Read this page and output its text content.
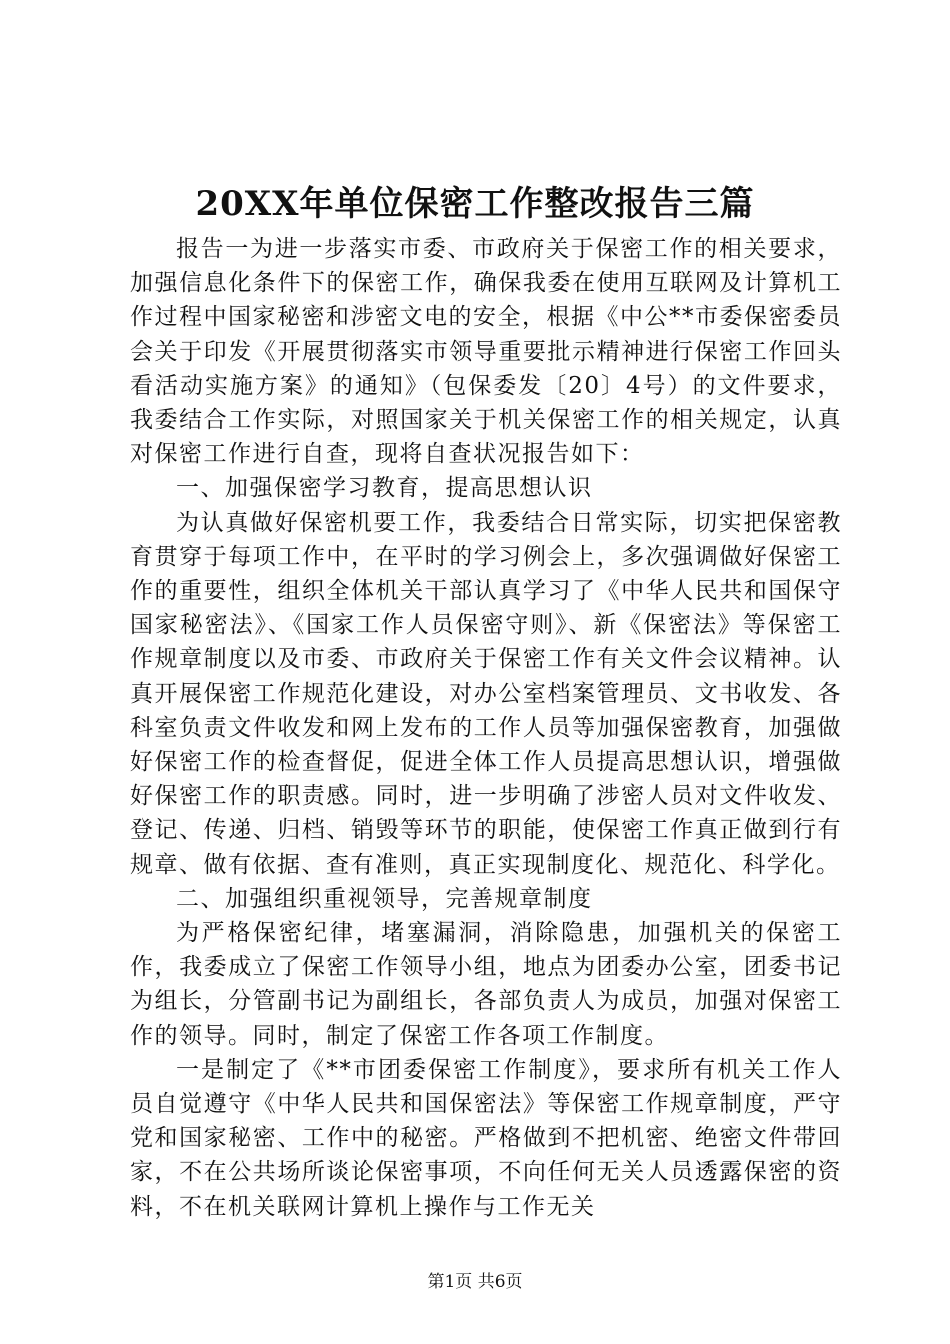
20XX年单位保密工作整改报告三篇

报告一为进一步落实市委、市政府关于保密工作的相关要求，加强信息化条件下的保密工作，确保我委在使用互联网及计算机工作过程中国家秘密和涉密文电的安全，根据《中公**市委保密委员会关于印发《开展贯彻落实市领导重要批示精神进行保密工作回头看活动实施方案》的通知》（包保委发〔20〕4号）的文件要求，我委结合工作实际，对照国家关于机关保密工作的相关规定，认真对保密工作进行自查，现将自查状况报告如下：

一、加强保密学习教育，提高思想认识

为认真做好保密机要工作，我委结合日常实际，切实把保密教育贯穿于每项工作中，在平时的学习例会上，多次强调做好保密工作的重要性，组织全体机关干部认真学习了《中华人民共和国保守国家秘密法》、《国家工作人员保密守则》、新《保密法》等保密工作规章制度以及市委、市政府关于保密工作有关文件会议精神。认真开展保密工作规范化建设，对办公室档案管理员、文书收发、各科室负责文件收发和网上发布的工作人员等加强保密教育，加强做好保密工作的检查督促，促进全体工作人员提高思想认识，增强做好保密工作的职责感。同时，进一步明确了涉密人员对文件收发、登记、传递、归档、销毁等环节的职能，使保密工作真正做到行有规章、做有依据、查有准则，真正实现制度化、规范化、科学化。

二、加强组织重视领导，完善规章制度

为严格保密纪律，堵塞漏洞，消除隐患，加强机关的保密工作，我委成立了保密工作领导小组，地点为团委办公室，团委书记为组长，分管副书记为副组长，各部负责人为成员，加强对保密工作的领导。同时，制定了保密工作各项工作制度。

一是制定了《**市团委保密工作制度》，要求所有机关工作人员自觉遵守《中华人民共和国保密法》等保密工作规章制度，严守党和国家秘密、工作中的秘密。严格做到不把机密、绝密文件带回家，不在公共场所谈论保密事项，不向任何无关人员透露保密的资料，不在机关联网计算机上操作与工作无关

第1页 共6页
